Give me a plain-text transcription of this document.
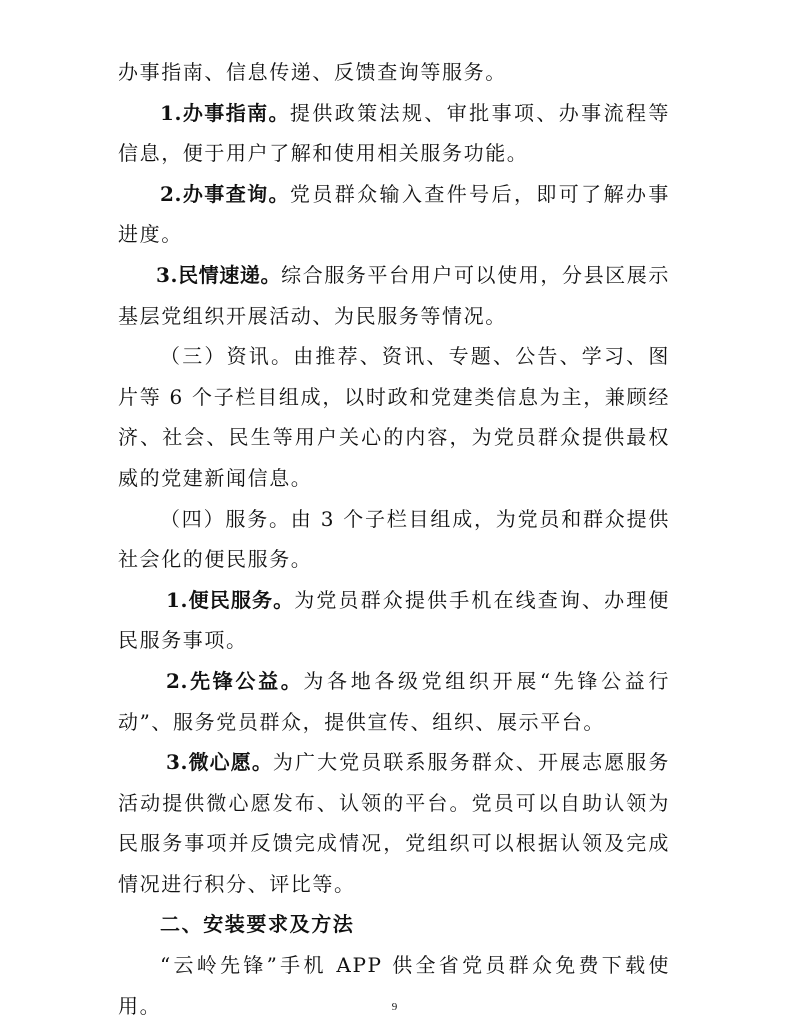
办事指南、信息传递、反馈查询等服务。

1.办事指南。提供政策法规、审批事项、办事流程等信息，便于用户了解和使用相关服务功能。

2.办事查询。党员群众输入查件号后，即可了解办事进度。

3.民情速递。综合服务平台用户可以使用，分县区展示基层党组织开展活动、为民服务等情况。

（三）资讯。由推荐、资讯、专题、公告、学习、图片等 6 个子栏目组成，以时政和党建类信息为主，兼顾经济、社会、民生等用户关心的内容，为党员群众提供最权威的党建新闻信息。

（四）服务。由 3 个子栏目组成，为党员和群众提供社会化的便民服务。

1.便民服务。为党员群众提供手机在线查询、办理便民服务事项。

2.先锋公益。为各地各级党组织开展“先锋公益行动”、服务党员群众，提供宣传、组织、展示平台。

3.微心愿。为广大党员联系服务群众、开展志愿服务活动提供微心愿发布、认领的平台。党员可以自助认领为民服务事项并反馈完成情况，党组织可以根据认领及完成情况进行积分、评比等。

二、安装要求及方法

“云岭先锋”手机 APP 供全省党员群众免费下载使用。	9
